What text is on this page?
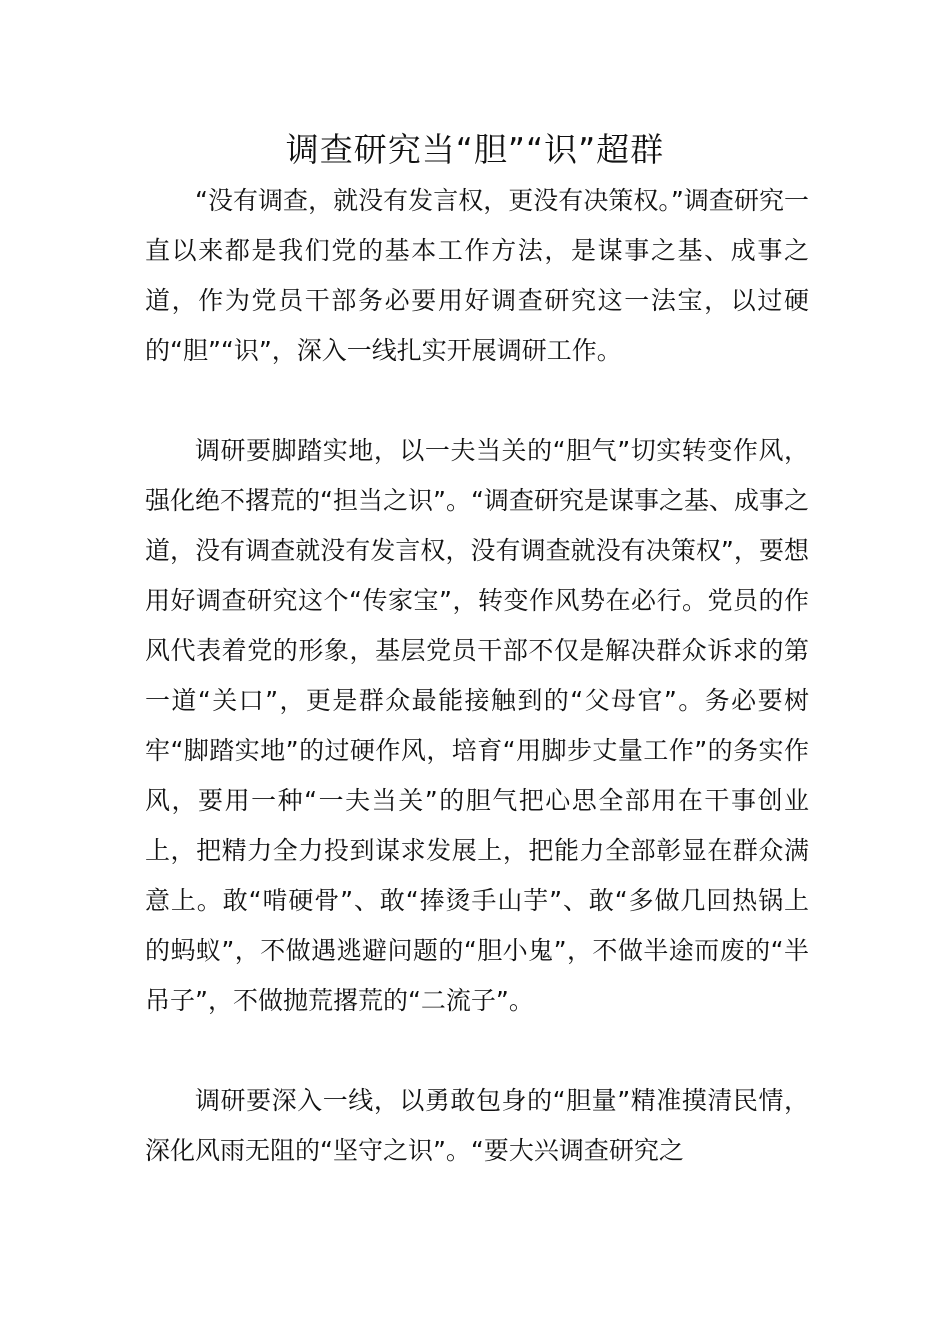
调查研究当“胆”“识”超群

“没有调查，就没有发言权，更没有决策权。”调查研究一直以来都是我们党的基本工作方法，是谋事之基、成事之道，作为党员干部务必要用好调查研究这一法宝，以过硬的“胆”“识”，深入一线扎实开展调研工作。

调研要脚踏实地，以一夫当关的“胆气”切实转变作风，强化绝不撂荒的“担当之识”。“调查研究是谋事之基、成事之道，没有调查就没有发言权，没有调查就没有决策权”，要想用好调查研究这个“传家宝”，转变作风势在必行。党员的作风代表着党的形象，基层党员干部不仅是解决群众诉求的第一道“关口”，更是群众最能接触到的“父母官”。务必要树牢“脚踏实地”的过硬作风，培育“用脚步丈量工作”的务实作风，要用一种“一夫当关”的胆气把心思全部用在干事创业上，把精力全力投到谋求发展上，把能力全部彰显在群众满意上。敢“啃硬骨”、敢“捧烫手山芋”、敢“多做几回热锅上的蚂蚁”，不做遇逃避问题的“胆小鬼”，不做半途而废的“半吊子”，不做抛荒撂荒的“二流子”。

调研要深入一线，以勇敢包身的“胆量”精准摸清民情，深化风雨无阻的“坚守之识”。“要大兴调查研究之
